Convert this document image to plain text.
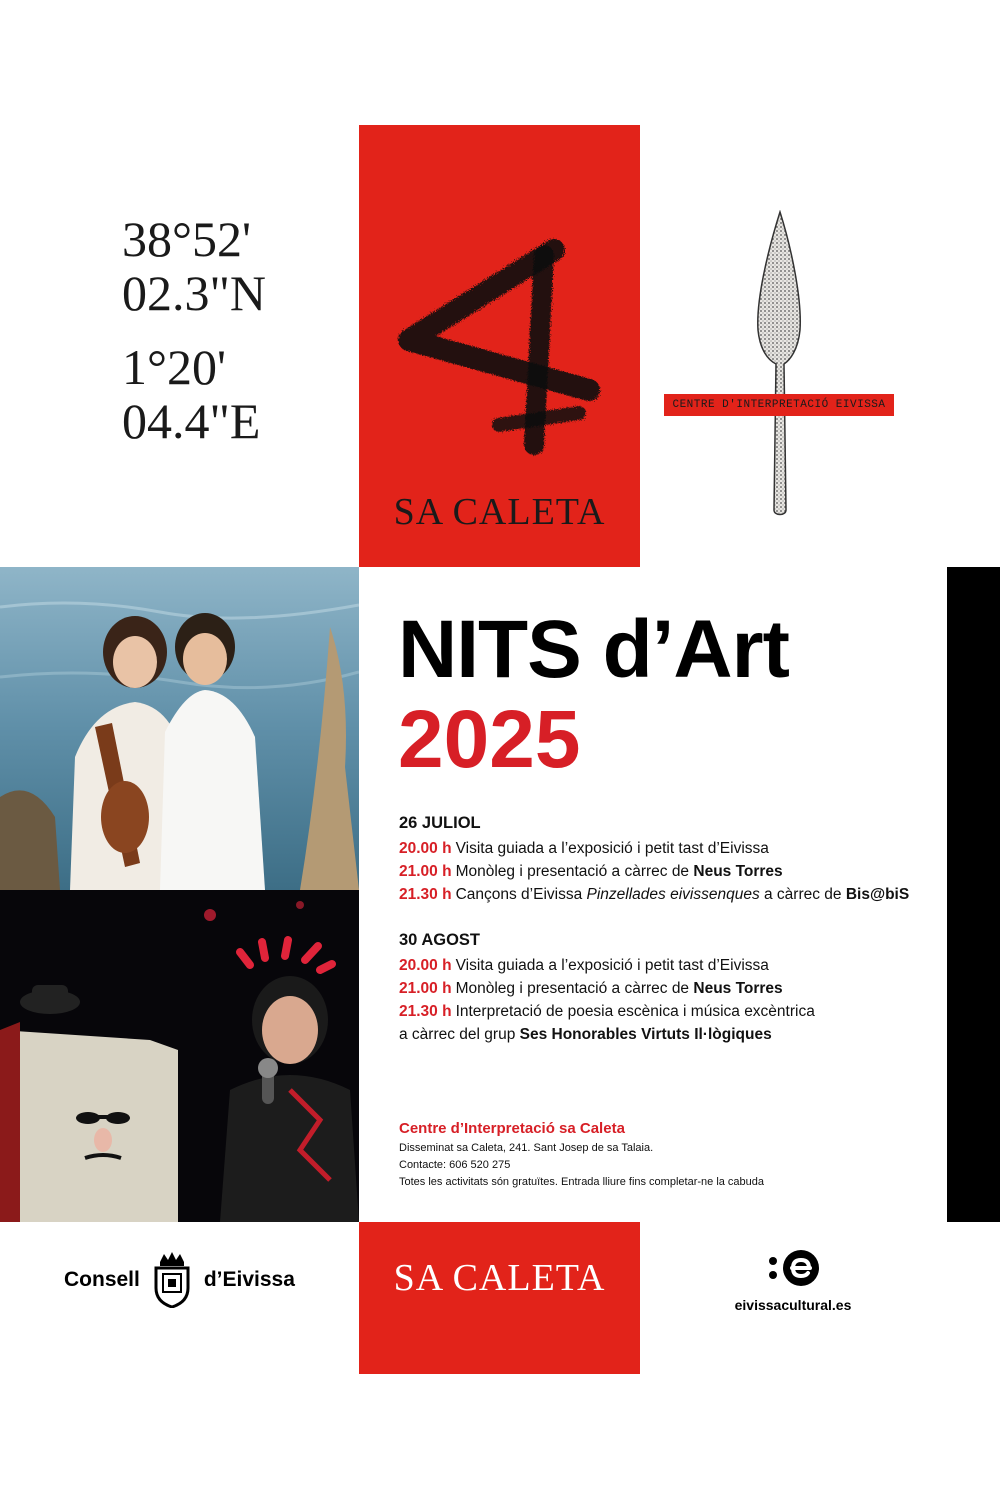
38°52'
02.3"N
1°20'
04.4"E
SA CALETA
CENTRE D'INTERPRETACIÓ EIVISSA
NITS d’Art
2025
26 JULIOL
20.00 h Visita guiada a l’exposició i petit tast d’Eivissa
21.00 h Monòleg i presentació a càrrec de Neus Torres
21.30 h Cançons d’Eivissa Pinzellades eivissenques a càrrec de Bis@biS
30 AGOST
20.00 h Visita guiada a l’exposició i petit tast d’Eivissa
21.00 h Monòleg i presentació a càrrec de Neus Torres
21.30 h Interpretació de poesia escènica i música excèntrica
a càrrec del grup Ses Honorables Virtuts Il·lògiques
Centre d’Interpretació sa Caleta
Disseminat sa Caleta, 241. Sant Josep de sa Talaia.
Contacte: 606 520 275
Totes les activitats són gratuïtes. Entrada lliure fins completar-ne la cabuda
SA CALETA
Consell	d’Eivissa
eivissacultural.es
